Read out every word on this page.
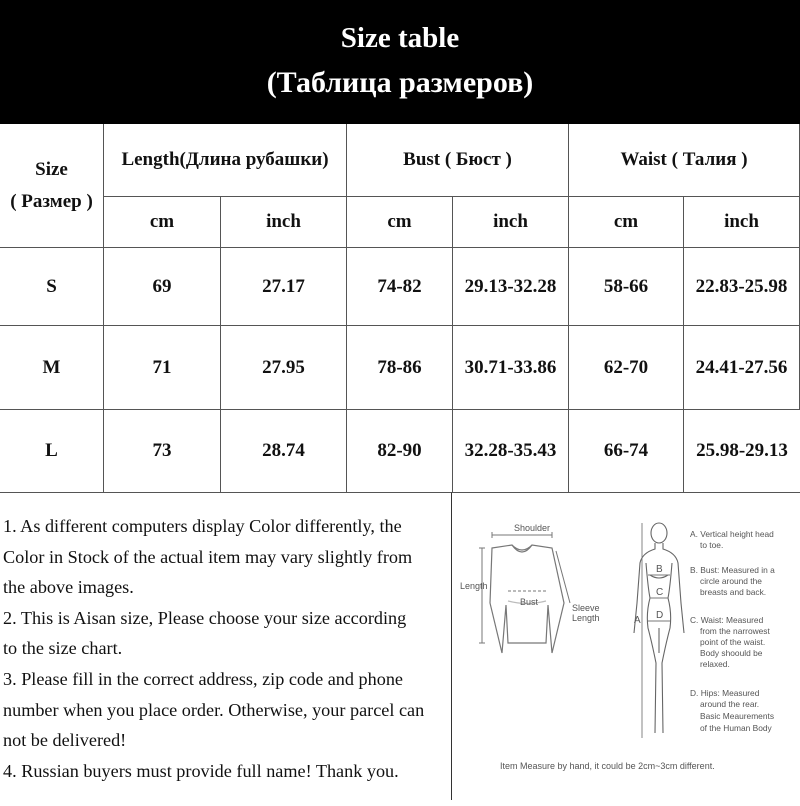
Size table
(Таблица размеров)
Size
( Размер )
Length(Длина рубашки)	Bust ( Бюст )	Waist ( Талия )
cm	inch	cm	inch	cm	inch
S	69	27.17	74-82	29.13-32.28	58-66	22.83-25.98
M	71	27.95	78-86	30.71-33.86	62-70	24.41-27.56
L	73	28.74	82-90	32.28-35.43	66-74	25.98-29.13

1. As different computers display Color differently, the

Color in Stock of the actual item may vary slightly from

the above images.

2. This is Aisan size, Please choose your size according

to the size chart.

3. Please fill in the correct address, zip code and phone

number when you place order. Otherwise, your parcel can

not be delivered!

4. Russian buyers must provide full name! Thank you.

Shoulder
Length
Bust
Sleeve
Length	A
B
C
D
A. Vertical height head
to toe.
B. Bust: Measured in a
circle around the
breasts and back.
C. Waist: Measured
from the narrowest
point of the waist.
Body shoould be
relaxed.
D. Hips: Measured
around the rear.
Basic Meaurements
of the Human Body
Item Measure by hand, it could be 2cm~3cm different.
